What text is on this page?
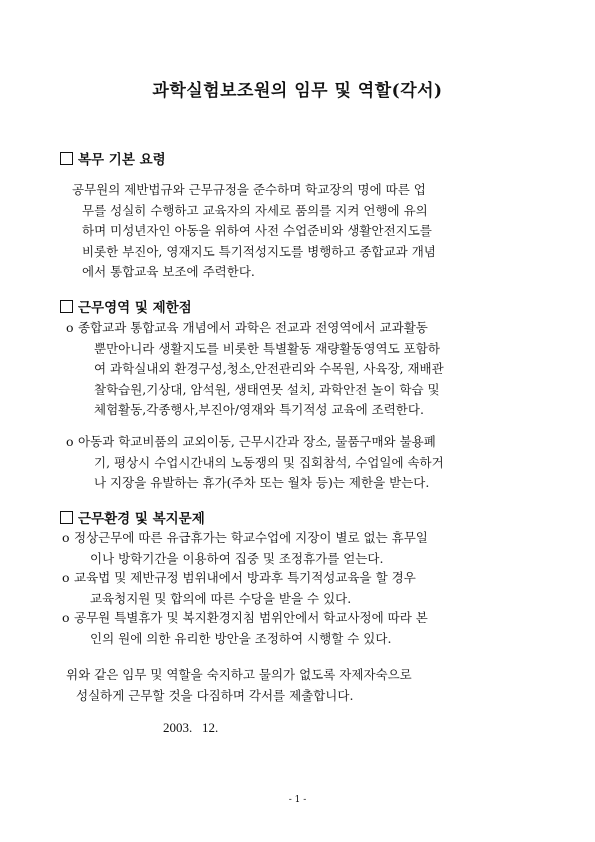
과학실험보조원의 임무 및 역할(각서)
복무 기본 요령
공무원의 제반법규와 근무규정을 준수하며 학교장의 명에 따른 업
무를 성실히 수행하고 교육자의 자세로 품의를 지켜 언행에 유의
하며 미성년자인 아동을 위하여 사전 수업준비와 생활안전지도를
비롯한 부진아, 영재지도 특기적성지도를 병행하고 종합교과 개념
에서 통합교육 보조에 주력한다.
근무영역 및 제한점
o 종합교과 통합교육 개념에서 과학은 전교과 전영역에서 교과활동
뿐만아니라 생활지도를 비롯한 특별활동 재량활동영역도 포함하
여 과학실내외 환경구성,청소,안전관리와 수목원, 사육장, 재배관
찰학습원,기상대, 암석원, 생태연못 설치, 과학안전 놀이 학습 및
체험활동,각종행사,부진아/영재와 특기적성 교육에 조력한다.
o 아동과 학교비품의 교외이동, 근무시간과 장소, 물품구매와 불용폐
기, 평상시 수업시간내의 노동쟁의 및 집회참석, 수업일에 속하거
나 지장을 유발하는 휴가(주차 또는 월차 등)는 제한을 받는다.
근무환경 및 복지문제
o 정상근무에 따른 유급휴가는 학교수업에 지장이 별로 없는 휴무일
이나 방학기간을 이용하여 집중 및 조정휴가를 얻는다.
o 교육법 및 제반규정 범위내에서 방과후 특기적성교육을 할 경우
교육청지원 및 합의에 따른 수당을 받을 수 있다.
o 공무원 특별휴가 및 복지환경지침 범위안에서 학교사정에 따라 본
인의 원에 의한 유리한 방안을 조정하여 시행할 수 있다.
위와 같은 임무 및 역할을 숙지하고 물의가 없도록 자제자숙으로
성실하게 근무할 것을 다짐하며 각서를 제출합니다.
2003.   12.
- 1 -
